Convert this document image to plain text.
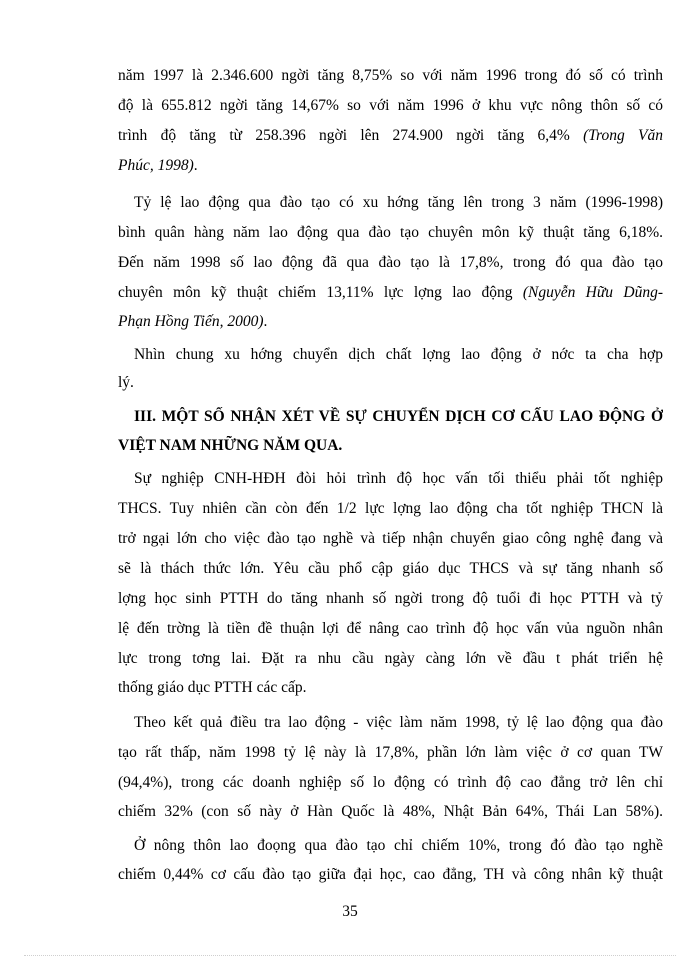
năm 1997 là 2.346.600 ngời tăng 8,75% so với năm 1996 trong đó số có trình
độ là 655.812 ngời tăng 14,67% so với năm 1996 ở khu vực nông thôn số có
trình độ tăng từ 258.396 ngời lên 274.900 ngời tăng 6,4% (Trong Văn
Phúc, 1998).
Tỷ lệ lao động qua đào tạo có xu hớng tăng lên trong 3 năm (1996-1998)
bình quân hàng năm lao động qua đào tạo chuyên môn kỹ thuật tăng 6,18%.
Đến năm 1998 số lao động đã qua đào tạo là 17,8%, trong đó qua đào tạo
chuyên môn kỹ thuật chiếm 13,11% lực lợng lao động (Nguyễn Hữu Dũng-
Phạn Hồng Tiến, 2000).
Nhìn chung xu hớng chuyển dịch chất lợng lao động ở nớc ta cha hợp
lý.
III. MỘT SỐ NHẬN XÉT VỀ SỰ CHUYỂN DỊCH CƠ CẤU LAO ĐỘNG Ở
VIỆT NAM NHỮNG NĂM QUA.
Sự nghiệp CNH-HĐH đòi hỏi trình độ học vấn tối thiểu phải tốt nghiệp
THCS. Tuy nhiên cần còn đến 1/2 lực lợng lao động cha tốt nghiệp THCN là
trở ngại lớn cho việc đào tạo nghề và tiếp nhận chuyển giao công nghệ đang và
sẽ là thách thức lớn. Yêu cầu phổ cập giáo dục THCS và sự tăng nhanh số
lợng học sinh PTTH do tăng nhanh số ngời trong độ tuổi đi học PTTH và tỷ
lệ đến trờng là tiền đề thuận lợi để nâng cao trình độ học vấn vủa nguồn nhân
lực trong tơng lai. Đặt ra nhu cầu ngày càng lớn về đầu t phát triển hệ
thống giáo dục PTTH các cấp.
Theo kết quả điều tra lao động - việc làm năm 1998, tỷ lệ lao động qua đào
tạo rất thấp, năm 1998 tỷ lệ này là 17,8%, phần lớn làm việc ở cơ quan TW
(94,4%), trong các doanh nghiệp số lo động có trình độ cao đẳng trở lên chỉ
chiếm 32% (con số này ở Hàn Quốc là 48%, Nhật Bản 64%, Thái Lan 58%).
Ở nông thôn lao đoọng qua đào tạo chỉ chiếm 10%, trong đó đào tạo nghề
chiếm 0,44% cơ cấu đào tạo giữa đại học, cao đẳng, TH và công nhân kỹ thuật
35
